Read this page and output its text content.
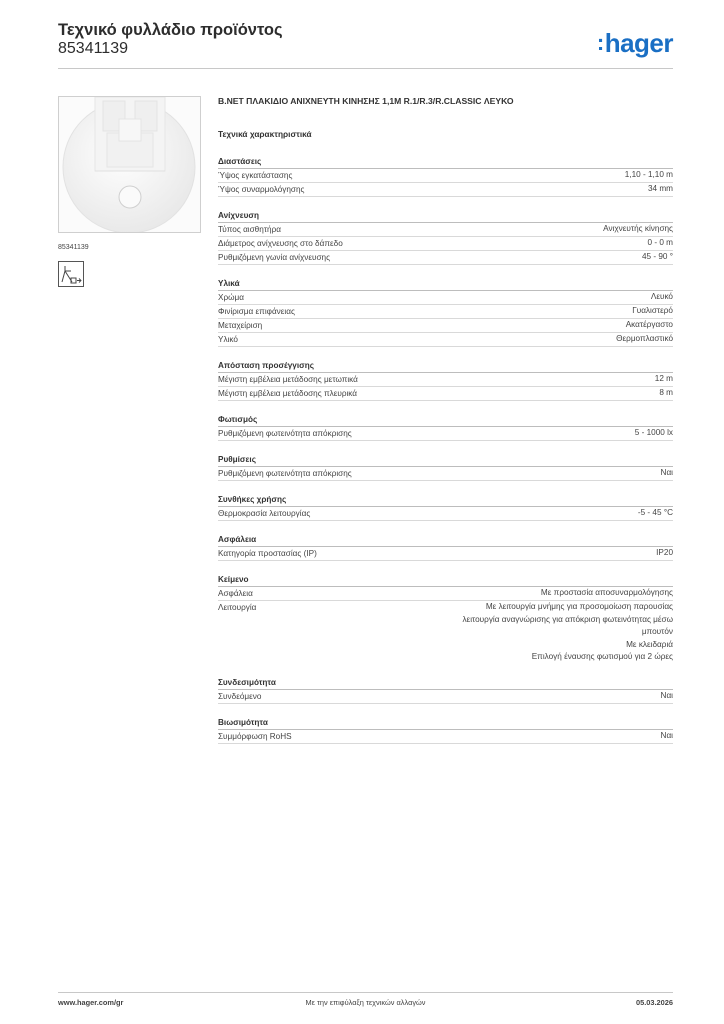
Τεχνικό φυλλάδιο προϊόντος
85341139	:hager
85341139
B.NET ΠΛΑΚΙΔΙΟ ΑΝΙΧΝΕΥΤΗ ΚΙΝΗΣΗΣ 1,1M R.1/R.3/R.CLASSIC ΛΕΥΚΟ
Τεχνικά χαρακτηριστικά
Διαστάσεις
Ύψος εγκατάστασης	1,10 - 1,10 m
Ύψος συναρμολόγησης	34 mm
Ανίχνευση
Τύπος αισθητήρα	Ανιχνευτής κίνησης
Διάμετρος ανίχνευσης στο δάπεδο	0 - 0 m
Ρυθμιζόμενη γωνία ανίχνευσης	45 - 90 °
Υλικά
Χρώμα	Λευκό
Φινίρισμα επιφάνειας	Γυαλιστερό
Μεταχείριση	Ακατέργαστο
Υλικό	Θερμοπλαστικό
Απόσταση προσέγγισης
Μέγιστη εμβέλεια μετάδοσης μετωπικά	12 m
Μέγιστη εμβέλεια μετάδοσης πλευρικά	8 m
Φωτισμός
Ρυθμιζόμενη φωτεινότητα απόκρισης	5 - 1000 lx
Ρυθμίσεις
Ρυθμιζόμενη φωτεινότητα απόκρισης	Ναι
Συνθήκες χρήσης
Θερμοκρασία λειτουργίας	-5 - 45 °C
Ασφάλεια
Κατηγορία προστασίας (IP)	IP20
Κείμενο
Ασφάλεια	Με προστασία αποσυναρμολόγησης
Λειτουργία	Με λειτουργία μνήμης για προσομοίωση παρουσίας
λειτουργία αναγνώρισης για απόκριση φωτεινότητας μέσω
μπουτόν
Με κλειδαριά
Επιλογή έναυσης φωτισμού για 2 ώρες
Συνδεσιμότητα
Συνδεόμενο	Ναι
Βιωσιμότητα
Συμμόρφωση RoHS	Ναι
www.hager.com/gr	Με την επιφύλαξη τεχνικών αλλαγών	05.03.2026
